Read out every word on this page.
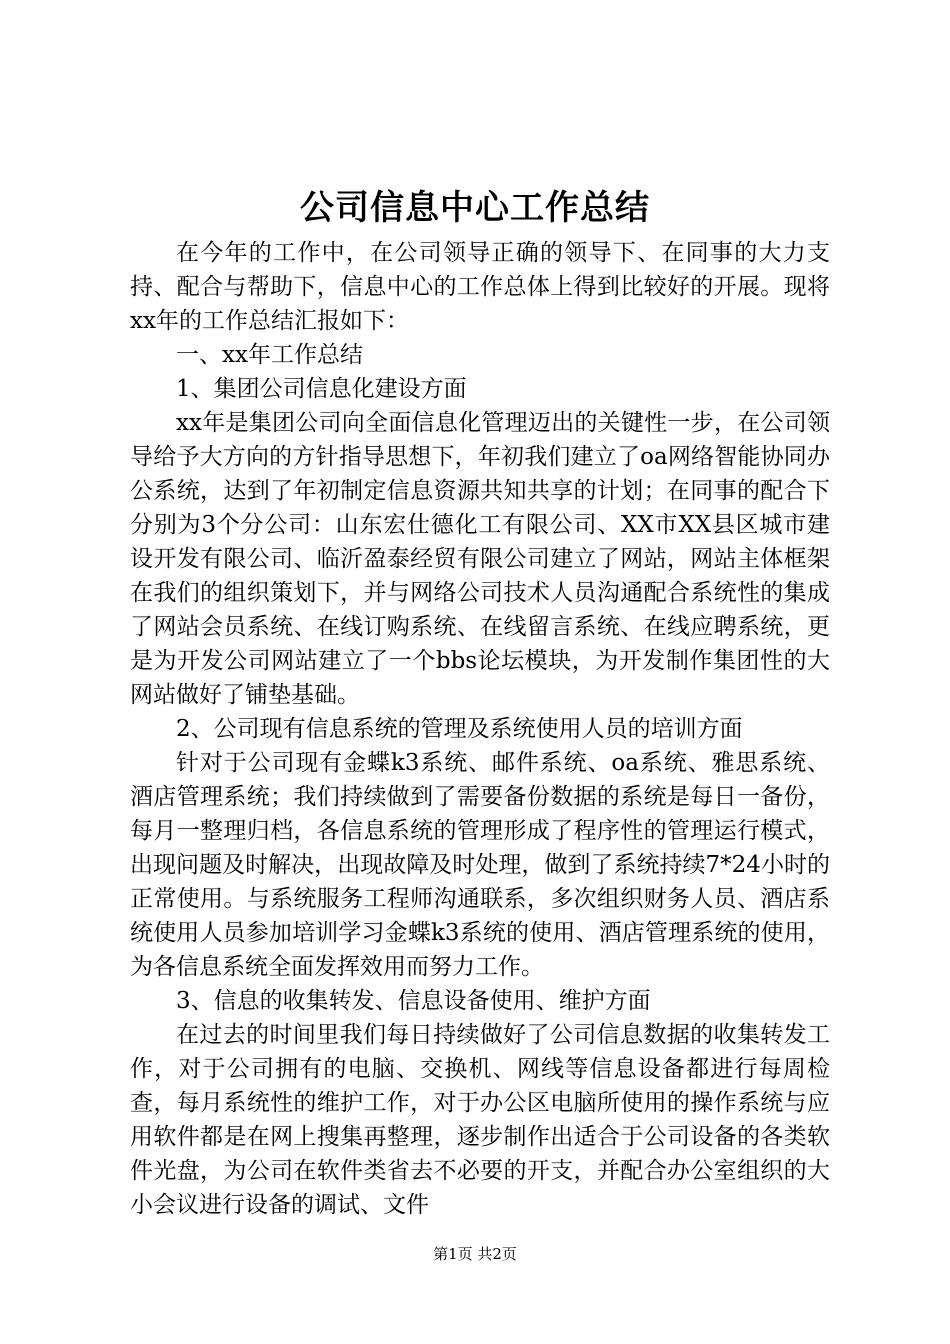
公司信息中心工作总结

在今年的工作中，在公司领导正确的领导下、在同事的大力支持、配合与帮助下，信息中心的工作总体上得到比较好的开展。现将xx年的工作总结汇报如下：

一、xx年工作总结

1、集团公司信息化建设方面

xx年是集团公司向全面信息化管理迈出的关键性一步，在公司领导给予大方向的方针指导思想下，年初我们建立了oa网络智能协同办公系统，达到了年初制定信息资源共知共享的计划；在同事的配合下分别为3个分公司：山东宏仕德化工有限公司、XX市XX县区城市建设开发有限公司、临沂盈泰经贸有限公司建立了网站，网站主体框架在我们的组织策划下，并与网络公司技术人员沟通配合系统性的集成了网站会员系统、在线订购系统、在线留言系统、在线应聘系统，更是为开发公司网站建立了一个bbs论坛模块，为开发制作集团性的大网站做好了铺垫基础。

2、公司现有信息系统的管理及系统使用人员的培训方面

针对于公司现有金蝶k3系统、邮件系统、oa系统、雅思系统、酒店管理系统；我们持续做到了需要备份数据的系统是每日一备份，每月一整理归档，各信息系统的管理形成了程序性的管理运行模式，出现问题及时解决，出现故障及时处理，做到了系统持续7*24小时的正常使用。与系统服务工程师沟通联系，多次组织财务人员、酒店系统使用人员参加培训学习金蝶k3系统的使用、酒店管理系统的使用，为各信息系统全面发挥效用而努力工作。

3、信息的收集转发、信息设备使用、维护方面

在过去的时间里我们每日持续做好了公司信息数据的收集转发工作，对于公司拥有的电脑、交换机、网线等信息设备都进行每周检查，每月系统性的维护工作，对于办公区电脑所使用的操作系统与应用软件都是在网上搜集再整理，逐步制作出适合于公司设备的各类软件光盘，为公司在软件类省去不必要的开支，并配合办公室组织的大小会议进行设备的调试、文件

第1页 共2页
